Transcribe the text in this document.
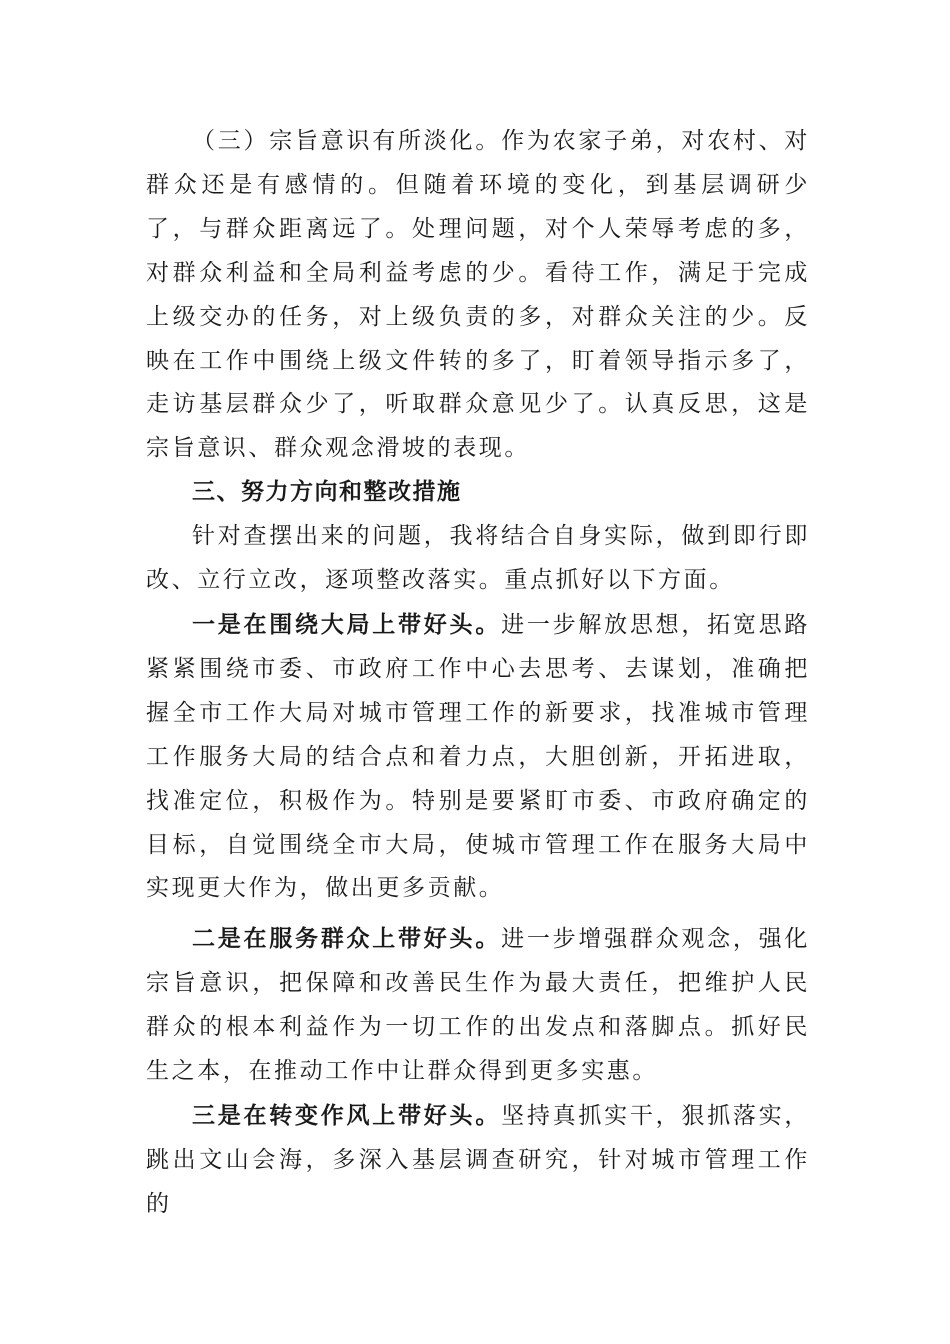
（三）宗旨意识有所淡化。作为农家子弟，对农村、对群众还是有感情的。但随着环境的变化，到基层调研少了，与群众距离远了。处理问题，对个人荣辱考虑的多，对群众利益和全局利益考虑的少。看待工作，满足于完成上级交办的任务，对上级负责的多，对群众关注的少。反映在工作中围绕上级文件转的多了，盯着领导指示多了，走访基层群众少了，听取群众意见少了。认真反思，这是宗旨意识、群众观念滑坡的表现。

三、努力方向和整改措施

针对查摆出来的问题，我将结合自身实际，做到即行即改、立行立改，逐项整改落实。重点抓好以下方面。

一是在围绕大局上带好头。进一步解放思想，拓宽思路紧紧围绕市委、市政府工作中心去思考、去谋划，准确把握全市工作大局对城市管理工作的新要求，找准城市管理工作服务大局的结合点和着力点，大胆创新，开拓进取，找准定位，积极作为。特别是要紧盯市委、市政府确定的目标，自觉围绕全市大局，使城市管理工作在服务大局中实现更大作为，做出更多贡献。

二是在服务群众上带好头。进一步增强群众观念，强化宗旨意识，把保障和改善民生作为最大责任，把维护人民群众的根本利益作为一切工作的出发点和落脚点。抓好民生之本，在推动工作中让群众得到更多实惠。

三是在转变作风上带好头。坚持真抓实干，狠抓落实，跳出文山会海，多深入基层调查研究，针对城市管理工作的
